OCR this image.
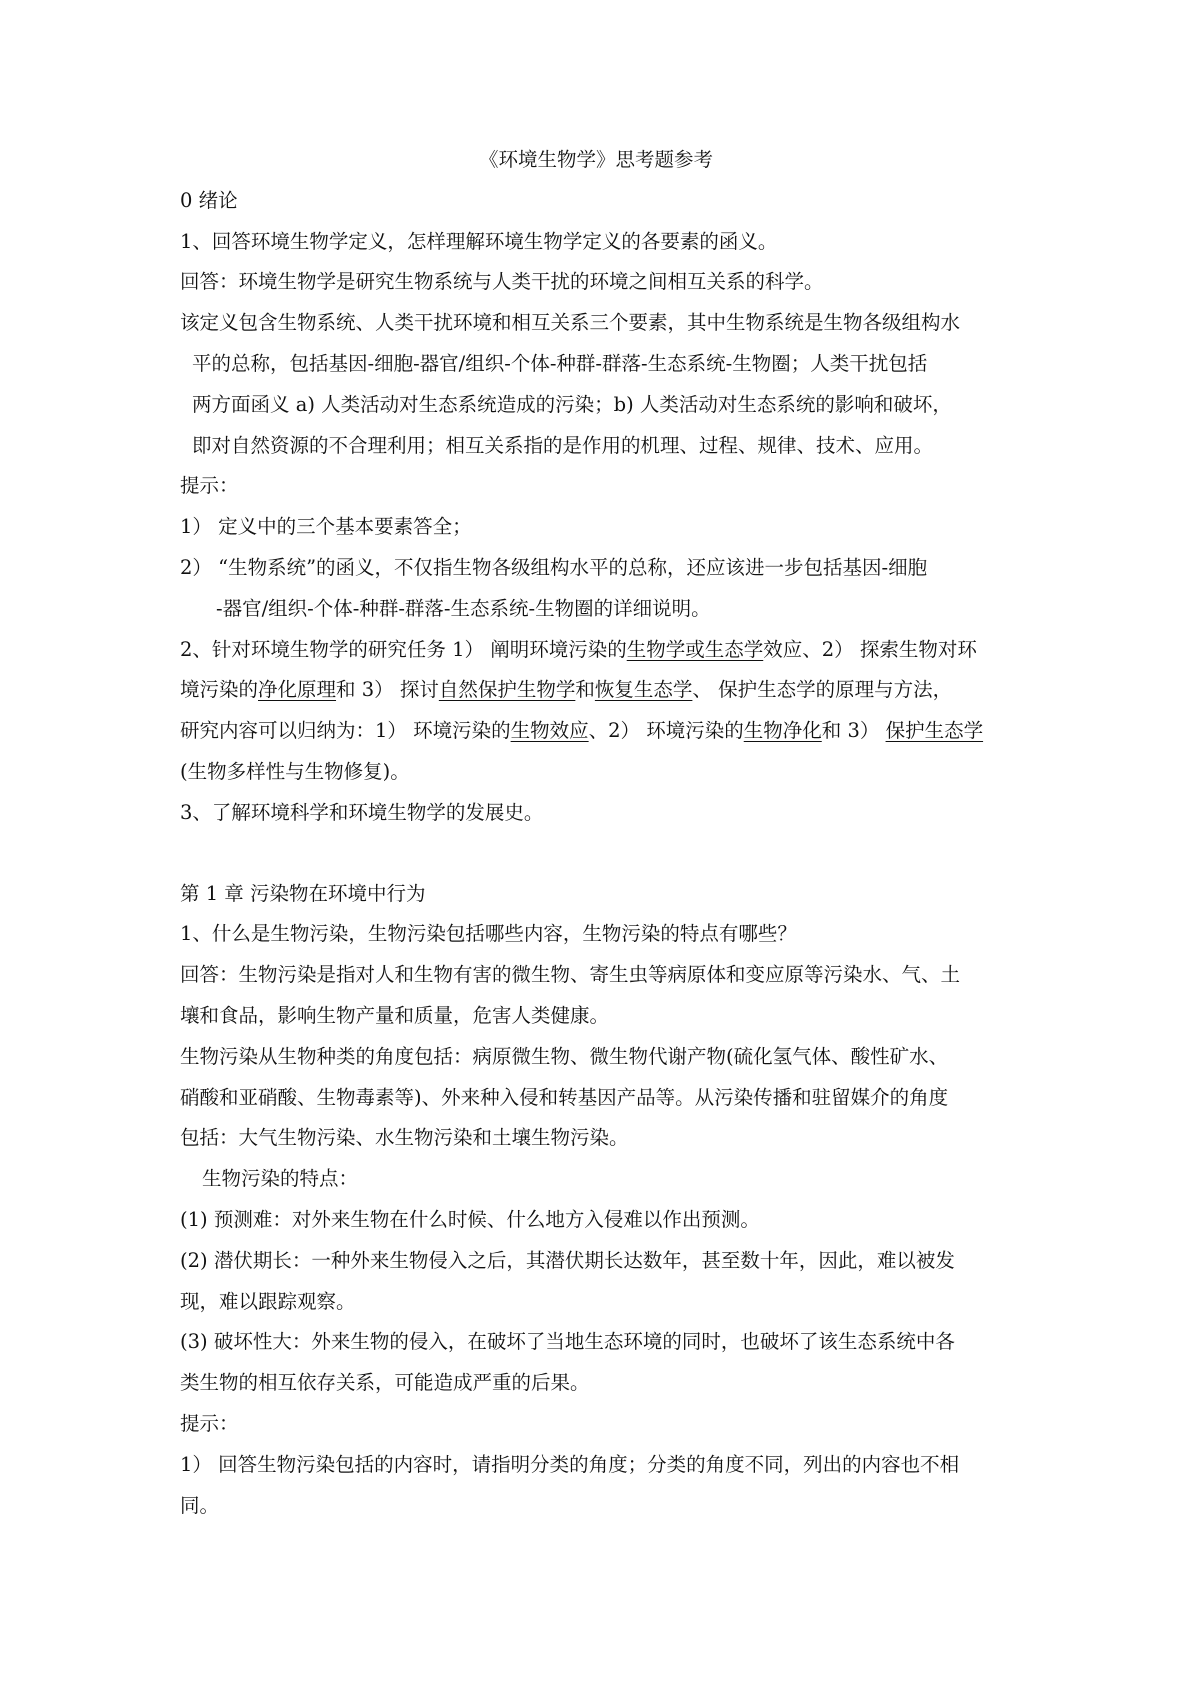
《环境生物学》思考题参考

0 绪论

1、回答环境生物学定义，怎样理解环境生物学定义的各要素的函义。

回答：环境生物学是研究生物系统与人类干扰的环境之间相互关系的科学。

该定义包含生物系统、人类干扰环境和相互关系三个要素，其中生物系统是生物各级组构水

平的总称，包括基因-细胞-器官/组织-个体-种群-群落-生态系统-生物圈；人类干扰包括

两方面函义 a) 人类活动对生态系统造成的污染；b) 人类活动对生态系统的影响和破坏，

即对自然资源的不合理利用；相互关系指的是作用的机理、过程、规律、技术、应用。

提示：

1） 定义中的三个基本要素答全；

2） “生物系统”的函义，不仅指生物各级组构水平的总称，还应该进一步包括基因-细胞

-器官/组织-个体-种群-群落-生态系统-生物圈的详细说明。

2、针对环境生物学的研究任务 1） 阐明环境污染的生物学或生态学效应、2） 探索生物对环

境污染的净化原理和 3） 探讨自然保护生物学和恢复生态学、 保护生态学的原理与方法，

研究内容可以归纳为：1） 环境污染的生物效应、2） 环境污染的生物净化和 3） 保护生态学

(生物多样性与生物修复)。

3、了解环境科学和环境生物学的发展史。

第 1 章 污染物在环境中行为

1、什么是生物污染，生物污染包括哪些内容，生物污染的特点有哪些？

回答：生物污染是指对人和生物有害的微生物、寄生虫等病原体和变应原等污染水、气、土

壤和食品，影响生物产量和质量，危害人类健康。

生物污染从生物种类的角度包括：病原微生物、微生物代谢产物(硫化氢气体、酸性矿水、

硝酸和亚硝酸、生物毒素等)、外来种入侵和转基因产品等。从污染传播和驻留媒介的角度

包括：大气生物污染、水生物污染和土壤生物污染。

生物污染的特点：

(1) 预测难：对外来生物在什么时候、什么地方入侵难以作出预测。

(2) 潜伏期长：一种外来生物侵入之后，其潜伏期长达数年，甚至数十年，因此，难以被发

现，难以跟踪观察。

(3) 破坏性大：外来生物的侵入，在破坏了当地生态环境的同时，也破坏了该生态系统中各

类生物的相互依存关系，可能造成严重的后果。

提示：

1） 回答生物污染包括的内容时，请指明分类的角度；分类的角度不同，列出的内容也不相

同。
